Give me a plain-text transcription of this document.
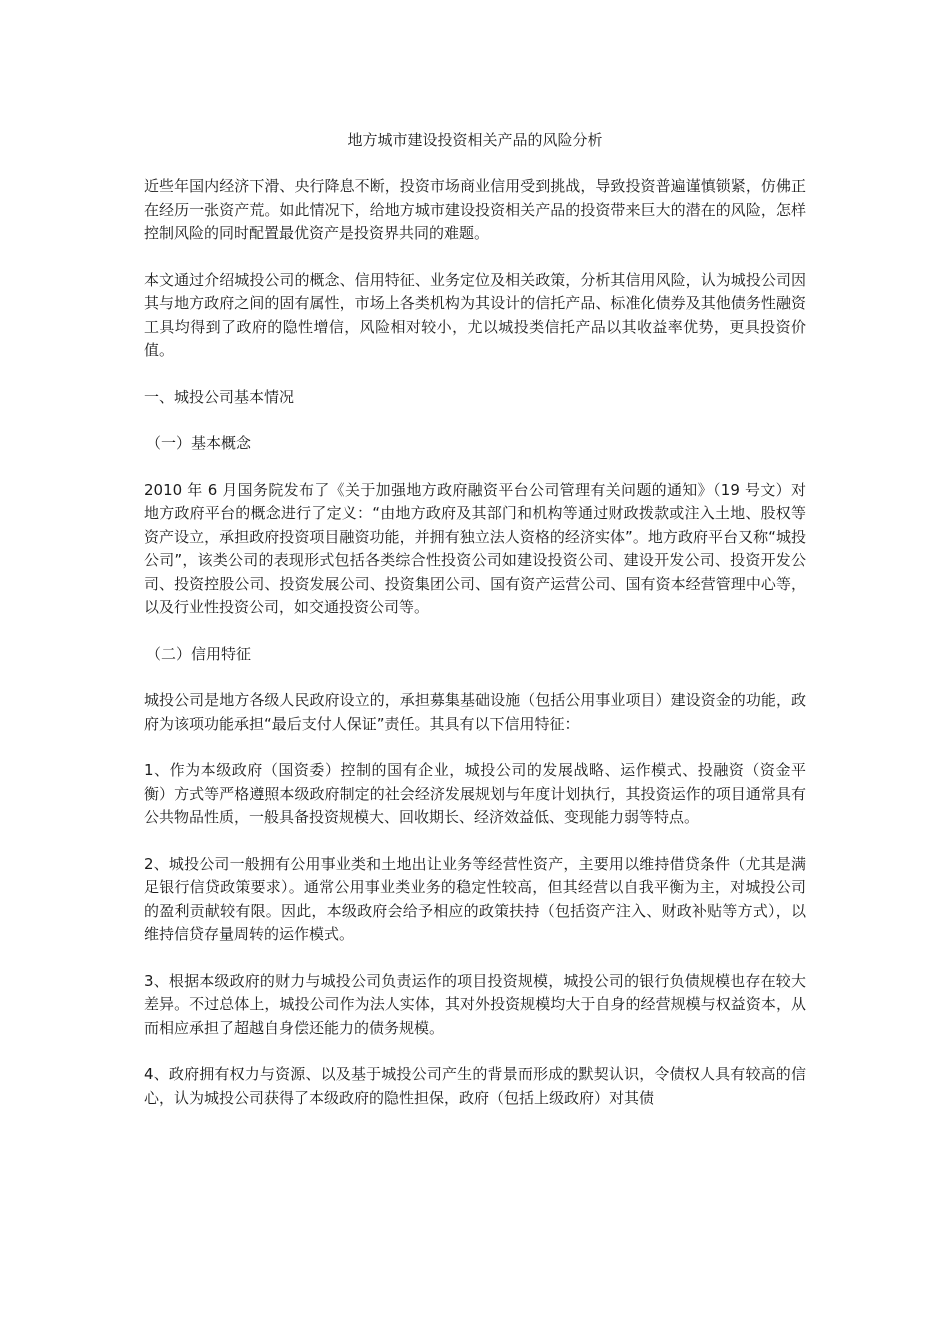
地方城市建设投资相关产品的风险分析
近些年国内经济下滑、央行降息不断，投资市场商业信用受到挑战，导致投资普遍谨慎锁紧，仿佛正在经历一张资产荒。如此情况下，给地方城市建设投资相关产品的投资带来巨大的潜在的风险，怎样控制风险的同时配置最优资产是投资界共同的难题。
本文通过介绍城投公司的概念、信用特征、业务定位及相关政策，分析其信用风险，认为城投公司因其与地方政府之间的固有属性，市场上各类机构为其设计的信托产品、标准化债券及其他债务性融资工具均得到了政府的隐性增信，风险相对较小，尤以城投类信托产品以其收益率优势，更具投资价值。
一、城投公司基本情况
（一）基本概念
2010 年 6 月国务院发布了《关于加强地方政府融资平台公司管理有关问题的通知》（19 号文）对地方政府平台的概念进行了定义：“由地方政府及其部门和机构等通过财政拨款或注入土地、股权等资产设立，承担政府投资项目融资功能，并拥有独立法人资格的经济实体”。地方政府平台又称“城投公司”，该类公司的表现形式包括各类综合性投资公司如建设投资公司、建设开发公司、投资开发公司、投资控股公司、投资发展公司、投资集团公司、国有资产运营公司、国有资本经营管理中心等，以及行业性投资公司，如交通投资公司等。
（二）信用特征
城投公司是地方各级人民政府设立的，承担募集基础设施（包括公用事业项目）建设资金的功能，政府为该项功能承担“最后支付人保证”责任。其具有以下信用特征：
1、作为本级政府（国资委）控制的国有企业，城投公司的发展战略、运作模式、投融资（资金平衡）方式等严格遵照本级政府制定的社会经济发展规划与年度计划执行，其投资运作的项目通常具有公共物品性质，一般具备投资规模大、回收期长、经济效益低、变现能力弱等特点。
2、城投公司一般拥有公用事业类和土地出让业务等经营性资产，主要用以维持借贷条件（尤其是满足银行信贷政策要求）。通常公用事业类业务的稳定性较高，但其经营以自我平衡为主，对城投公司的盈利贡献较有限。因此，本级政府会给予相应的政策扶持（包括资产注入、财政补贴等方式），以维持信贷存量周转的运作模式。
3、根据本级政府的财力与城投公司负责运作的项目投资规模，城投公司的银行负债规模也存在较大差异。不过总体上，城投公司作为法人实体，其对外投资规模均大于自身的经营规模与权益资本，从而相应承担了超越自身偿还能力的债务规模。
4、政府拥有权力与资源、以及基于城投公司产生的背景而形成的默契认识，令债权人具有较高的信心，认为城投公司获得了本级政府的隐性担保，政府（包括上级政府）对其债
